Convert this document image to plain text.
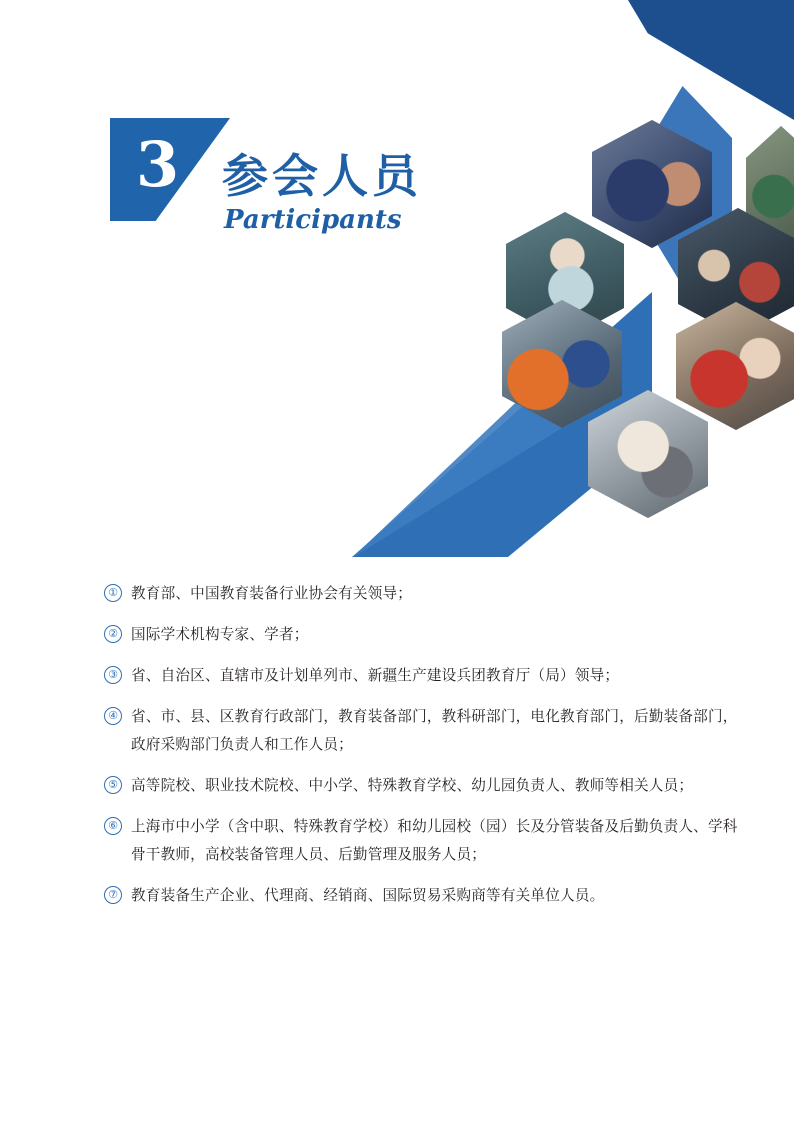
3 参会人员
Participants
① 教育部、中国教育装备行业协会有关领导；
② 国际学术机构专家、学者；
③ 省、自治区、直辖市及计划单列市、新疆生产建设兵团教育厅（局）领导；
④ 省、市、县、区教育行政部门，教育装备部门，教科研部门，电化教育部门，后勤装备部门，政府采购部门负责人和工作人员；
⑤ 高等院校、职业技术院校、中小学、特殊教育学校、幼儿园负责人、教师等相关人员；
⑥ 上海市中小学（含中职、特殊教育学校）和幼儿园校（园）长及分管装备及后勤负责人、学科骨干教师，高校装备管理人员、后勤管理及服务人员；
⑦ 教育装备生产企业、代理商、经销商、国际贸易采购商等有关单位人员。
